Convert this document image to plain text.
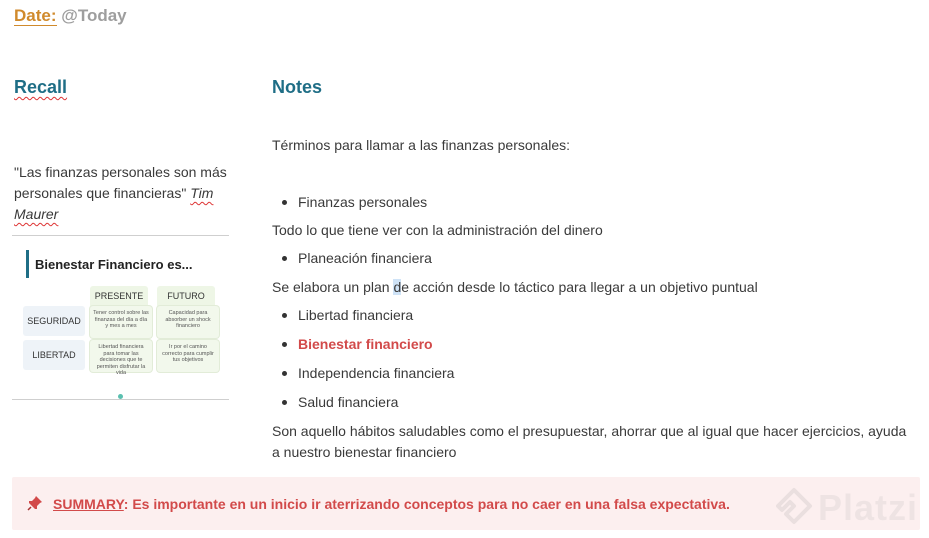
Date: @Today
Recall	Notes
"Las finanzas personales son más personales que financieras" Tim Maurer
Bienestar Financiero es...
PRESENTE	FUTURO
SEGURIDAD
LIBERTAD
Tener control sobre las finanzas del día a día y mes a mes
Capacidad para absorber un shock financiero
Libertad financiera para tomar las decisiones que te permiten disfrutar la vida
Ir por el camino correcto para cumplir tus objetivos
Términos para llamar a las finanzas personales:
Finanzas personales
Todo lo que tiene ver con la administración del dinero
Planeación financiera
Se elabora un plan de acción desde lo táctico para llegar a un objetivo puntual
Libertad financiera
Bienestar financiero
Independencia financiera
Salud financiera
Son aquello hábitos saludables como el presupuestar, ahorrar que al igual que hacer ejercicios, ayuda
a nuestro bienestar financiero
SUMMARY: Es importante en un inicio ir aterrizando conceptos para no caer en una falsa expectativa. Platzi
